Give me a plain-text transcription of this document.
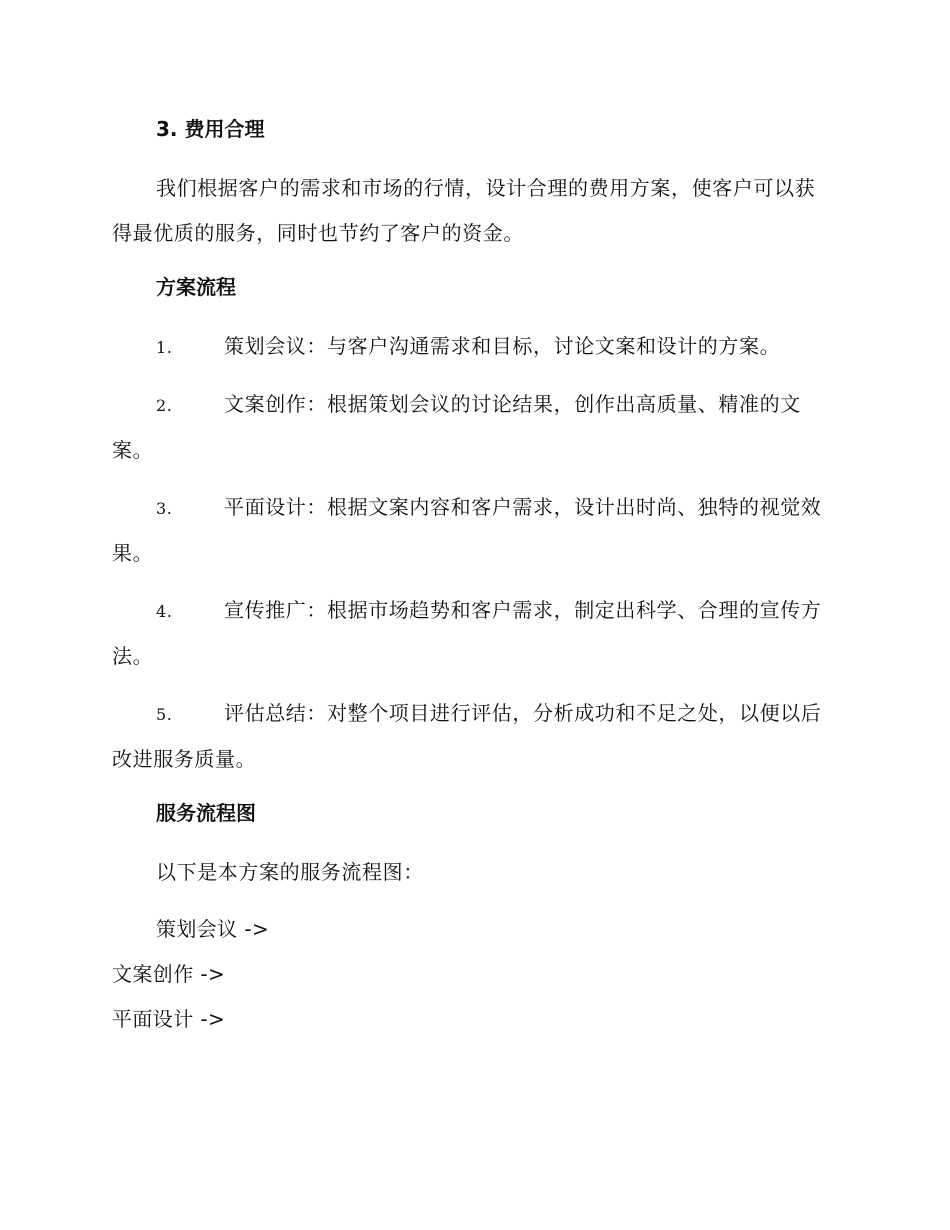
3. 费用合理

我们根据客户的需求和市场的行情，设计合理的费用方案，使客户可以获得最优质的服务，同时也节约了客户的资金。

方案流程

1.	策划会议：与客户沟通需求和目标，讨论文案和设计的方案。

2.	文案创作：根据策划会议的讨论结果，创作出高质量、精准的文案。

3.	平面设计：根据文案内容和客户需求，设计出时尚、独特的视觉效果。

4.	宣传推广：根据市场趋势和客户需求，制定出科学、合理的宣传方法。

5.	评估总结：对整个项目进行评估，分析成功和不足之处，以便以后改进服务质量。

服务流程图

以下是本方案的服务流程图：

策划会议 ->

文案创作 ->

平面设计 ->
